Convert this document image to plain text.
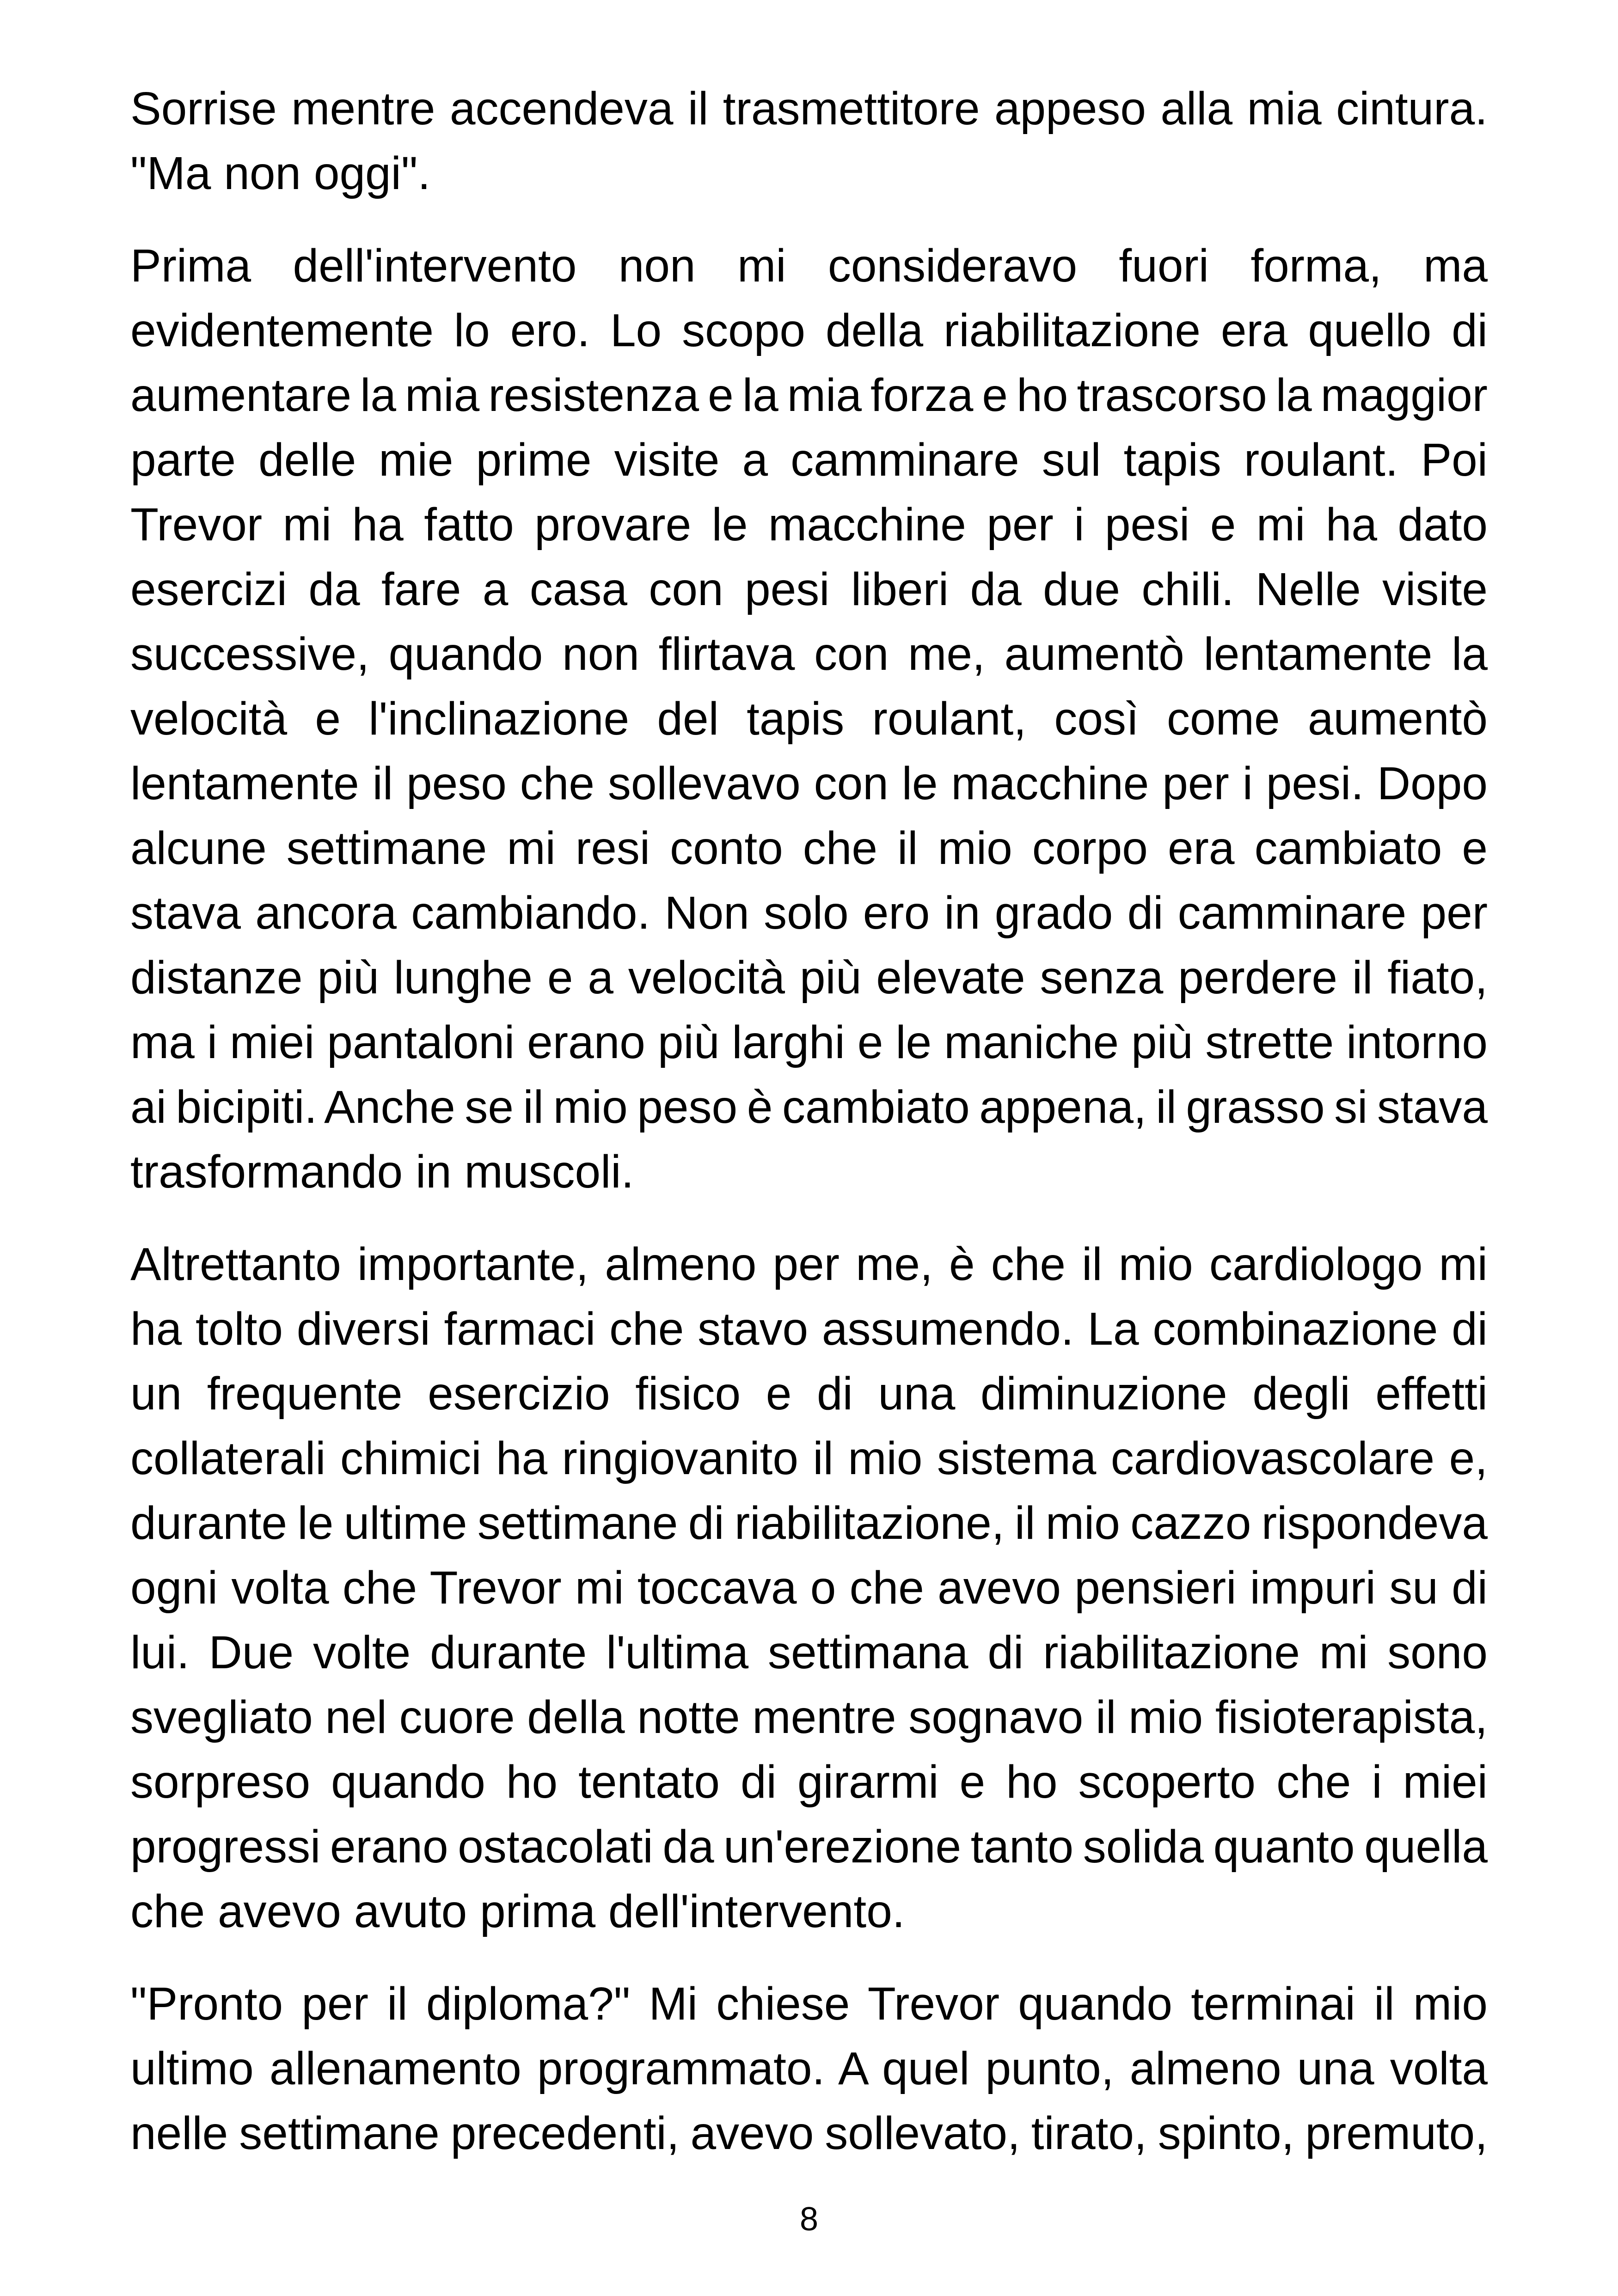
Sorrise mentre accendeva il trasmettitore appeso alla mia cintura.
"Ma non oggi".
Prima dell'intervento non mi consideravo fuori forma, ma
evidentemente lo ero. Lo scopo della riabilitazione era quello di
aumentare la mia resistenza e la mia forza e ho trascorso la maggior
parte delle mie prime visite a camminare sul tapis roulant. Poi
Trevor mi ha fatto provare le macchine per i pesi e mi ha dato
esercizi da fare a casa con pesi liberi da due chili. Nelle visite
successive, quando non flirtava con me, aumentò lentamente la
velocità e l'inclinazione del tapis roulant, così come aumentò
lentamente il peso che sollevavo con le macchine per i pesi. Dopo
alcune settimane mi resi conto che il mio corpo era cambiato e
stava ancora cambiando. Non solo ero in grado di camminare per
distanze più lunghe e a velocità più elevate senza perdere il fiato,
ma i miei pantaloni erano più larghi e le maniche più strette intorno
ai bicipiti. Anche se il mio peso è cambiato appena, il grasso si stava
trasformando in muscoli.
Altrettanto importante, almeno per me, è che il mio cardiologo mi
ha tolto diversi farmaci che stavo assumendo. La combinazione di
un frequente esercizio fisico e di una diminuzione degli effetti
collaterali chimici ha ringiovanito il mio sistema cardiovascolare e,
durante le ultime settimane di riabilitazione, il mio cazzo rispondeva
ogni volta che Trevor mi toccava o che avevo pensieri impuri su di
lui. Due volte durante l'ultima settimana di riabilitazione mi sono
svegliato nel cuore della notte mentre sognavo il mio fisioterapista,
sorpreso quando ho tentato di girarmi e ho scoperto che i miei
progressi erano ostacolati da un'erezione tanto solida quanto quella
che avevo avuto prima dell'intervento.
"Pronto per il diploma?" Mi chiese Trevor quando terminai il mio
ultimo allenamento programmato. A quel punto, almeno una volta
nelle settimane precedenti, avevo sollevato, tirato, spinto, premuto,
8
